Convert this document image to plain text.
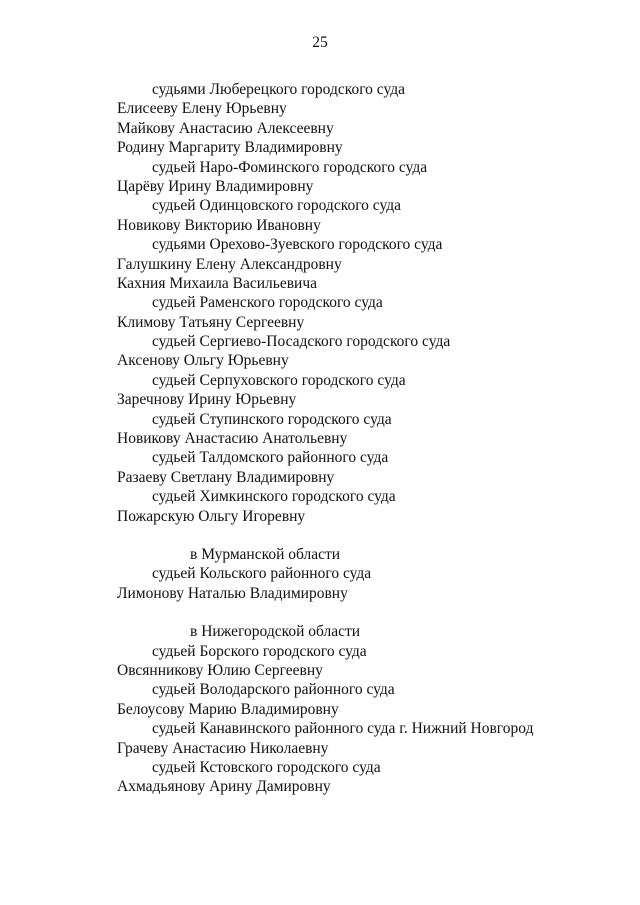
25
судьями Люберецкого городского суда
Елисееву Елену Юрьевну
Майкову Анастасию Алексеевну
Родину Маргариту Владимировну
судьей Наро-Фоминского городского суда
Царёву Ирину Владимировну
судьей Одинцовского городского суда
Новикову Викторию Ивановну
судьями Орехово-Зуевского городского суда
Галушкину Елену Александровну
Кахния Михаила Васильевича
судьей Раменского городского суда
Климову Татьяну Сергеевну
судьей Сергиево-Посадского городского суда
Аксенову Ольгу Юрьевну
судьей Серпуховского городского суда
Заречнову Ирину Юрьевну
судьей Ступинского городского суда
Новикову Анастасию Анатольевну
судьей Талдомского районного суда
Разаеву Светлану Владимировну
судьей Химкинского городского суда
Пожарскую Ольгу Игоревну
в Мурманской области
судьей Кольского районного суда
Лимонову Наталью Владимировну
в Нижегородской области
судьей Борского городского суда
Овсянникову Юлию Сергеевну
судьей Володарского районного суда
Белоусову Марию Владимировну
судьей Канавинского районного суда г. Нижний Новгород
Грачеву Анастасию Николаевну
судьей Кстовского городского суда
Ахмадьянову Арину Дамировну
